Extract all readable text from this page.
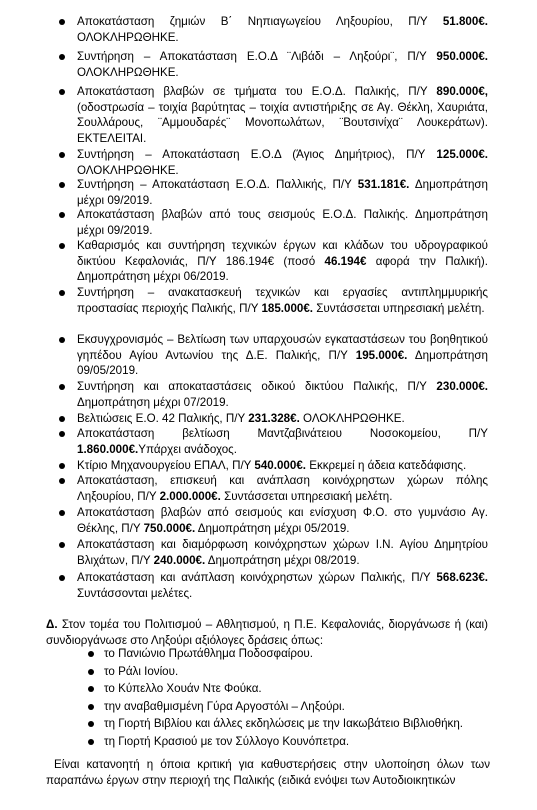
Αποκατάσταση ζημιών Β΄ Νηπιαγωγείου Ληξουρίου, Π/Υ 51.800€. ΟΛΟΚΛΗΡΩΘΗΚΕ.
Συντήρηση – Αποκατάσταση Ε.Ο.Δ ¨Λιβάδι – Ληξούρι¨, Π/Υ 950.000€. ΟΛΟΚΛΗΡΩΘΗΚΕ.
Αποκατάσταση βλαβών σε τμήματα του Ε.Ο.Δ. Παλικής, Π/Υ 890.000€, (οδοστρωσία – τοιχία βαρύτητας – τοιχία αντιστήριξης σε Αγ. Θέκλη, Χαυριάτα, Σουλλάρους, ¨Αμμουδαρές¨ Μονοπωλάτων, ¨Βουτσινίχα¨ Λουκεράτων). ΕΚΤΕΛΕΙΤΑΙ.
Συντήρηση – Αποκατάσταση Ε.Ο.Δ (Άγιος Δημήτριος), Π/Υ 125.000€. ΟΛΟΚΛΗΡΩΘΗΚΕ.
Συντήρηση – Αποκατάσταση Ε.Ο.Δ. Παλλικής, Π/Υ 531.181€. Δημοπράτηση μέχρι 09/2019.
Αποκατάσταση βλαβών από τους σεισμούς Ε.Ο.Δ. Παλικής. Δημοπράτηση μέχρι 09/2019.
Καθαρισμός και συντήρηση τεχνικών έργων και κλάδων του υδρογραφικού δικτύου Κεφαλονιάς, Π/Υ 186.194€ (ποσό 46.194€ αφορά την Παλική). Δημοπράτηση μέχρι 06/2019.
Συντήρηση – ανακατασκευή τεχνικών και εργασίες αντιπλημμυρικής προστασίας περιοχής Παλικής, Π/Υ 185.000€. Συντάσσεται υπηρεσιακή μελέτη.
Εκσυγχρονισμός – Βελτίωση των υπαρχουσών εγκαταστάσεων του βοηθητικού γηπέδου Αγίου Αντωνίου της Δ.Ε. Παλικής, Π/Υ 195.000€. Δημοπράτηση 09/05/2019.
Συντήρηση και αποκαταστάσεις οδικού δικτύου Παλικής, Π/Υ 230.000€. Δημοπράτηση μέχρι 07/2019.
Βελτιώσεις Ε.Ο. 42 Παλικής, Π/Υ 231.328€. ΟΛΟΚΛΗΡΩΘΗΚΕ.
Αποκατάσταση βελτίωση Μαντζαβινάτειου Νοσοκομείου, Π/Υ 1.860.000€.Υπάρχει ανάδοχος.
Κτίριο Μηχανουργείου ΕΠΑΛ, Π/Υ 540.000€. Εκκρεμεί η άδεια κατεδάφισης.
Αποκατάσταση, επισκευή και ανάπλαση κοινόχρηστων χώρων πόλης Ληξουρίου, Π/Υ 2.000.000€. Συντάσσεται υπηρεσιακή μελέτη.
Αποκατάσταση βλαβών από σεισμούς και ενίσχυση Φ.Ο. στο γυμνάσιο Αγ. Θέκλης, Π/Υ 750.000€. Δημοπράτηση μέχρι 05/2019.
Αποκατάσταση και διαμόρφωση κοινόχρηστων χώρων Ι.Ν. Αγίου Δημητρίου Βλιχάτων, Π/Υ 240.000€. Δημοπράτηση μέχρι 08/2019.
Αποκατάσταση και ανάπλαση κοινόχρηστων χώρων Παλικής, Π/Υ 568.623€. Συντάσσονται μελέτες.
Δ. Στον τομέα του Πολιτισμού – Αθλητισμού, η Π.Ε. Κεφαλονιάς, διοργάνωσε ή (και) συνδιοργάνωσε στο Ληξούρι αξιόλογες δράσεις όπως:
το Πανιώνιο Πρωτάθλημα Ποδοσφαίρου.
το Ράλι Ιονίου.
το Κύπελλο Χουάν Ντε Φούκα.
την αναβαθμισμένη Γύρα Αργοστόλι – Ληξούρι.
τη Γιορτή Βιβλίου και άλλες εκδηλώσεις με την Ιακωβάτειο Βιβλιοθήκη.
τη Γιορτή Κρασιού με τον Σύλλογο Κουνόπετρα.
Είναι κατανοητή η όποια κριτική για καθυστερήσεις στην υλοποίηση όλων των παραπάνω έργων στην περιοχή της Παλικής (ειδικά ενόψει των Αυτοδιοικητικών
